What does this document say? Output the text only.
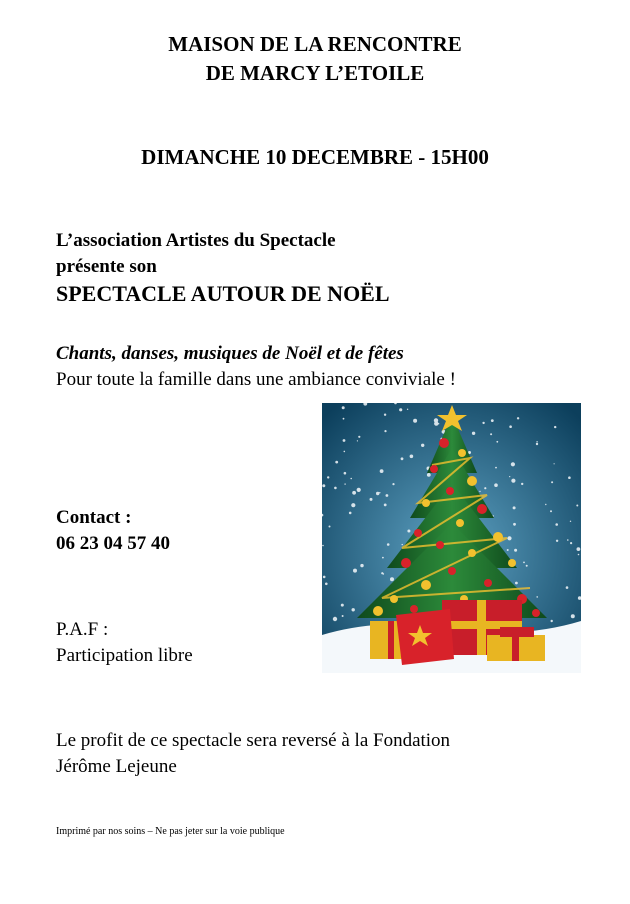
MAISON DE LA RENCONTRE
DE MARCY L’ETOILE
DIMANCHE 10 DECEMBRE - 15H00
L’association Artistes du Spectacle
présente son
SPECTACLE AUTOUR DE NOËL
Chants, danses, musiques de Noël et de fêtes
Pour toute la famille dans une ambiance conviviale !
Contact :
06 23 04 57 40
P.A.F :
Participation libre
Le profit de ce spectacle sera reversé à la Fondation
Jérôme Lejeune
Imprimé par nos soins – Ne pas jeter sur la voie publique
